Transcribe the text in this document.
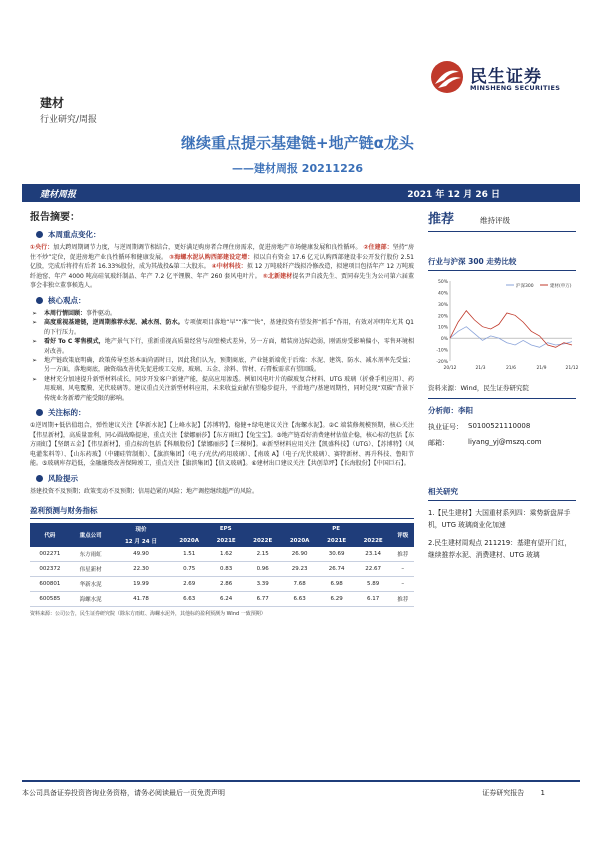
建材
行业研究/周报
民生证券
MINSHENG SECURITIES
继续重点提示基建链+地产链α龙头
——建材周报 20211226
建材周报	2021 年 12 月 26 日
报告摘要：
本周重点变化：
①央行：加大跨周期调节力度，与逆周期调节相结合，更好满足购房者合理住房需求，促进房地产市场健康发展和良性循环。 ②住建部：坚持“房住不炒”定位，促进房地产业良性循环和健康发展。 ③海螺水泥认购西部建设定增：拟以自有资金 17.6 亿元认购西部建设非公开发行股份 2.51 亿股，完成后将持有后者 16.33%股份，成为其战投&第二大股东。 ④中材科技：拟 12 万吨玻纤产线拟冷修改造，拟建项目包括年产 12 万吨玻纤池窑、年产 4000 吨高硅氧玻纤制品、年产 7.2 亿平锂膜、年产 260 套风电叶片。 ⑤北新建材提名尹自波先生、贾同春先生为公司第六届董事会非独立董事候选人。
核心观点：
➢ 本周行情回顾：事件驱动。
➢ 高度重视基建链，逆周期推荐水泥、减水剂、防水。专项债项目落地“早”“准”“快”，基建投资有望发挥“抓手”作用，有效对冲明年尤其 Q1 的下行压力。
➢ 看好 To C 零售模式，地产景气下行，重新重视高质量经营与高壁模式差异，另一方面，精装房边际趋弱，刚需房受影响偏小，零售环境相对改善。
➢ 地产链政策底明确，政策传导至基本面尚需时日，因此我们认为，预期商底，产业链新端优于后端：水泥、建筑、防水、减水剂率先受益；另一方面，落地商底，融资端改善优先促进竣工交房，玻璃、五金、涂料、管材、石膏板需求有望回暖。
➢ 建材充分加速提升新型材料成长，同步开发客户新建产能，提高应用渗透。例如风电叶片的碳玻复合材料、UTG 玻璃（折叠手机应用）、药用玻璃、风电覆膜、光伏玻璃等。建议重点关注新型材料应用，未来收益贡献有望稳步提升，平滑地产/基建周期性，同时兑现“双碳”背景下传统业务新增产能受限的影响。
关注标的：
①逆周期+低估值组合，弹性建议关注【华新水泥】【上峰水泥】【苏博特】，稳健+绿电建议关注【海螺水泥】。②C 端装修规模预期，核心关注【伟星新材】，高质量盈利，同心圆战略提速，重点关注【蒙娜丽莎】【东方雨虹】【兔宝宝】。③地产链看好消费建材估值企稳，核心标的包括【东方雨虹】【坚朗五金】【伟星新材】，重点标的包括【科顺股份】【蒙娜丽莎】【三棵树】。④新型材料应用关注【凯盛科技】（UTG）、【苏博特】（风电灌浆料等）、【山东药玻】（中硼硅管制瓶）、【旗滨集团】（电子/光伏/药用玻璃）、【南玻 A】（电子/光伏玻璃）、赛特新材、再升科技、鲁阳节能。⑤玻璃库存趋低，金融融资改善保障竣工，重点关注【旗滨集团】【信义玻璃】。⑥建材出口建议关注【共创草坪】【长海股份】【中国巨石】。
风险提示
基建投资不及预期；政策变动不及预期；信用趋紧的风险；地产调控继续超严的风险。
盈利预测与财务指标
代码	重点公司	现价	EPS			PE			评级
		12 月 24 日	2020A	2021E	2022E	2020A	2021E	2022E	
002271	东方雨虹	49.90	1.51	1.62	2.15	26.90	30.69	23.14	推荐
002372	伟星新材	22.30	0.75	0.83	0.96	29.23	26.74	22.67	–
600801	华新水泥	19.99	2.69	2.86	3.39	7.68	6.98	5.89	–
600585	海螺水泥	41.78	6.63	6.24	6.77	6.63	6.29	6.17	推荐
资料来源：公司公告，民生证券研究院（除东方雨虹、海螺水泥外，其他标的盈利预测为 Wind 一致预期）
推荐	维持评级
行业与沪深 300 走势比较
50%
40%
30%
20%
10%
0%
-10%
-20%
20/12	21/3	21/6	21/9	21/12
沪深300	建材(申万)
资料来源：Wind，民生证券研究院
分析师：李阳
执业证号： S0100521110008
邮箱：	liyang_yj@mszq.com
相关研究
1.【民生建材】大国重材系列四：乘势新盘屏手机，UTG 玻璃商业化加速
2.民生建材周观点 211219：基建有望开门红，继续推荐水泥、消费建材、UTG 玻璃
本公司具备证券投资咨询业务资格，请务必阅读最后一页免责声明	证券研究报告 1
